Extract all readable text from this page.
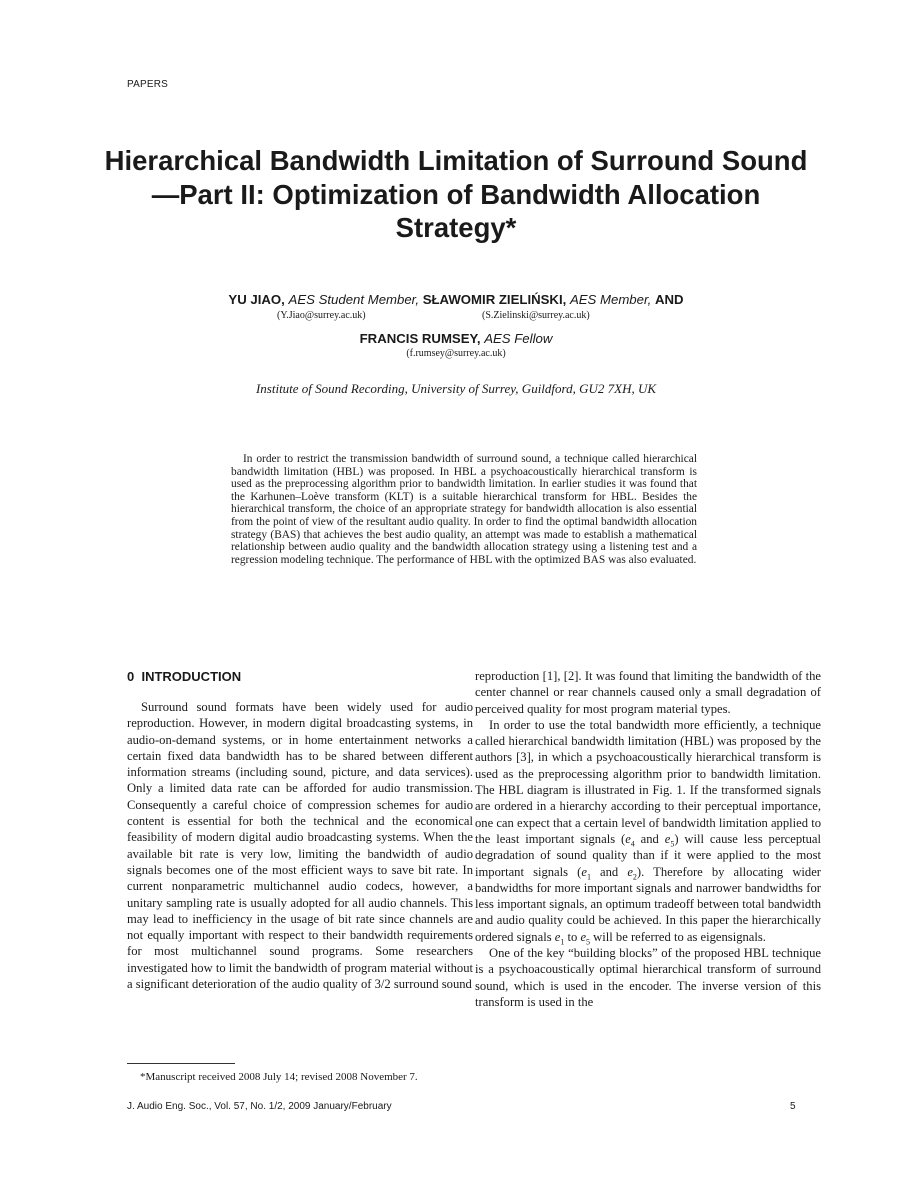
PAPERS
Hierarchical Bandwidth Limitation of Surround Sound—Part II: Optimization of Bandwidth Allocation Strategy*
YU JIAO, AES Student Member, SŁAWOMIR ZIELIŃSKI, AES Member, AND
(Y.Jiao@surrey.ac.uk)	(S.Zielinski@surrey.ac.uk)
FRANCIS RUMSEY, AES Fellow
(f.rumsey@surrey.ac.uk)
Institute of Sound Recording, University of Surrey, Guildford, GU2 7XH, UK

In order to restrict the transmission bandwidth of surround sound, a technique called hierarchical bandwidth limitation (HBL) was proposed. In HBL a psychoacoustically hierarchical transform is used as the preprocessing algorithm prior to bandwidth limitation. In earlier studies it was found that the Karhunen–Loève transform (KLT) is a suitable hierarchical transform for HBL. Besides the hierarchical transform, the choice of an appropriate strategy for bandwidth allocation is also essential from the point of view of the resultant audio quality. In order to find the optimal bandwidth allocation strategy (BAS) that achieves the best audio quality, an attempt was made to establish a mathematical relationship between audio quality and the bandwidth allocation strategy using a listening test and a regression modeling technique. The performance of HBL with the optimized BAS was also evaluated.

0 INTRODUCTION

Surround sound formats have been widely used for audio reproduction. However, in modern digital broadcasting systems, in audio-on-demand systems, or in home entertainment networks a certain fixed data bandwidth has to be shared between different information streams (including sound, picture, and data services). Only a limited data rate can be afforded for audio transmission. Consequently a careful choice of compression schemes for audio content is essential for both the technical and the economical feasibility of modern digital audio broadcasting systems. When the available bit rate is very low, limiting the bandwidth of audio signals becomes one of the most efficient ways to save bit rate. In current nonparametric multichannel audio codecs, however, a unitary sampling rate is usually adopted for all audio channels. This may lead to inefficiency in the usage of bit rate since channels are not equally important with respect to their bandwidth requirements for most multichannel sound programs. Some researchers investigated how to limit the bandwidth of program material without a significant deterioration of the audio quality of 3/2 surround sound

reproduction [1], [2]. It was found that limiting the bandwidth of the center channel or rear channels caused only a small degradation of perceived quality for most program material types.

In order to use the total bandwidth more efficiently, a technique called hierarchical bandwidth limitation (HBL) was proposed by the authors [3], in which a psychoacoustically hierarchical transform is used as the preprocessing algorithm prior to bandwidth limitation. The HBL diagram is illustrated in Fig. 1. If the transformed signals are ordered in a hierarchy according to their perceptual importance, one can expect that a certain level of bandwidth limitation applied to the least important signals ($e_4$ and $e_5$) will cause less perceptual degradation of sound quality than if it were applied to the most important signals ($e_1$ and $e_2$). Therefore by allocating wider bandwidths for more important signals and narrower bandwidths for less important signals, an optimum tradeoff between total bandwidth and audio quality could be achieved. In this paper the hierarchically ordered signals $e_1$ to $e_5$ will be referred to as eigensignals.

One of the key “building blocks” of the proposed HBL technique is a psychoacoustically optimal hierarchical transform of surround sound, which is used in the encoder. The inverse version of this transform is used in the

*Manuscript received 2008 July 14; revised 2008 November 7.
J. Audio Eng. Soc., Vol. 57, No. 1/2, 2009 January/February	5
